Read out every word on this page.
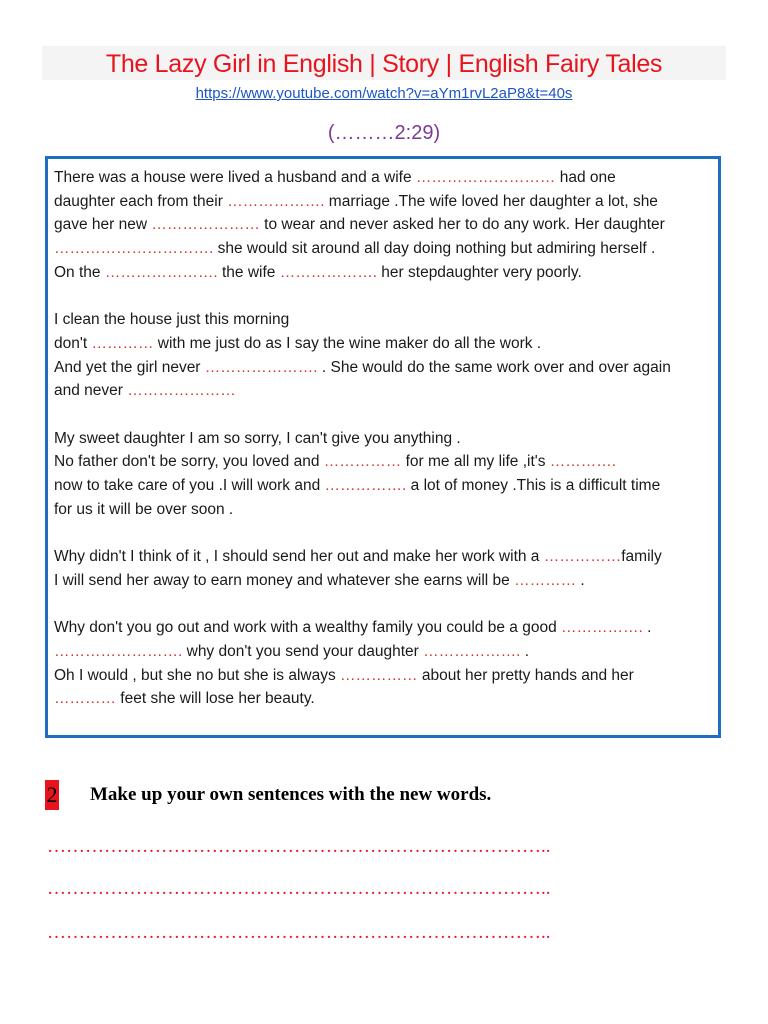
The Lazy Girl in English | Story | English Fairy Tales
https://www.youtube.com/watch?v=aYm1rvL2aP8&t=40s
(………2:29)
There was a house were lived a husband and a wife ……………………… had one
daughter each from their ………………. marriage .The wife loved her daughter a lot, she
gave her new ………………… to wear and never asked her to do any work. Her daughter
…………………………. she would sit around all day doing nothing but admiring herself .
On the …………………. the wife ………………. her stepdaughter very poorly.
I clean the house just this morning
don't ………… with me just do as I say the wine maker do all the work .
And yet the girl never …………………. . She would do the same work over and over again
and never …………………
My sweet daughter I am so sorry, I can't give you anything .
No father don't be sorry, you loved and …………… for me all my life ,it's ………….
now to take care of you .I will work and ……………. a lot of money .This is a difficult time
for us it will be over soon .
Why didn't I think of it , I should send her out and make her work with a ……………family
I will send her away to earn money and whatever she earns will be ………… .
Why don't you go out and work with a wealthy family you could be a good ……………. .
……………………. why don't you send your daughter ………………. .
Oh I would , but she no but she is always …………… about her pretty hands and her
………… feet she will lose her beauty.
2 Make up your own sentences with the new words.
……………………………………………………………………..
……………………………………………………………………..
……………………………………………………………………..
